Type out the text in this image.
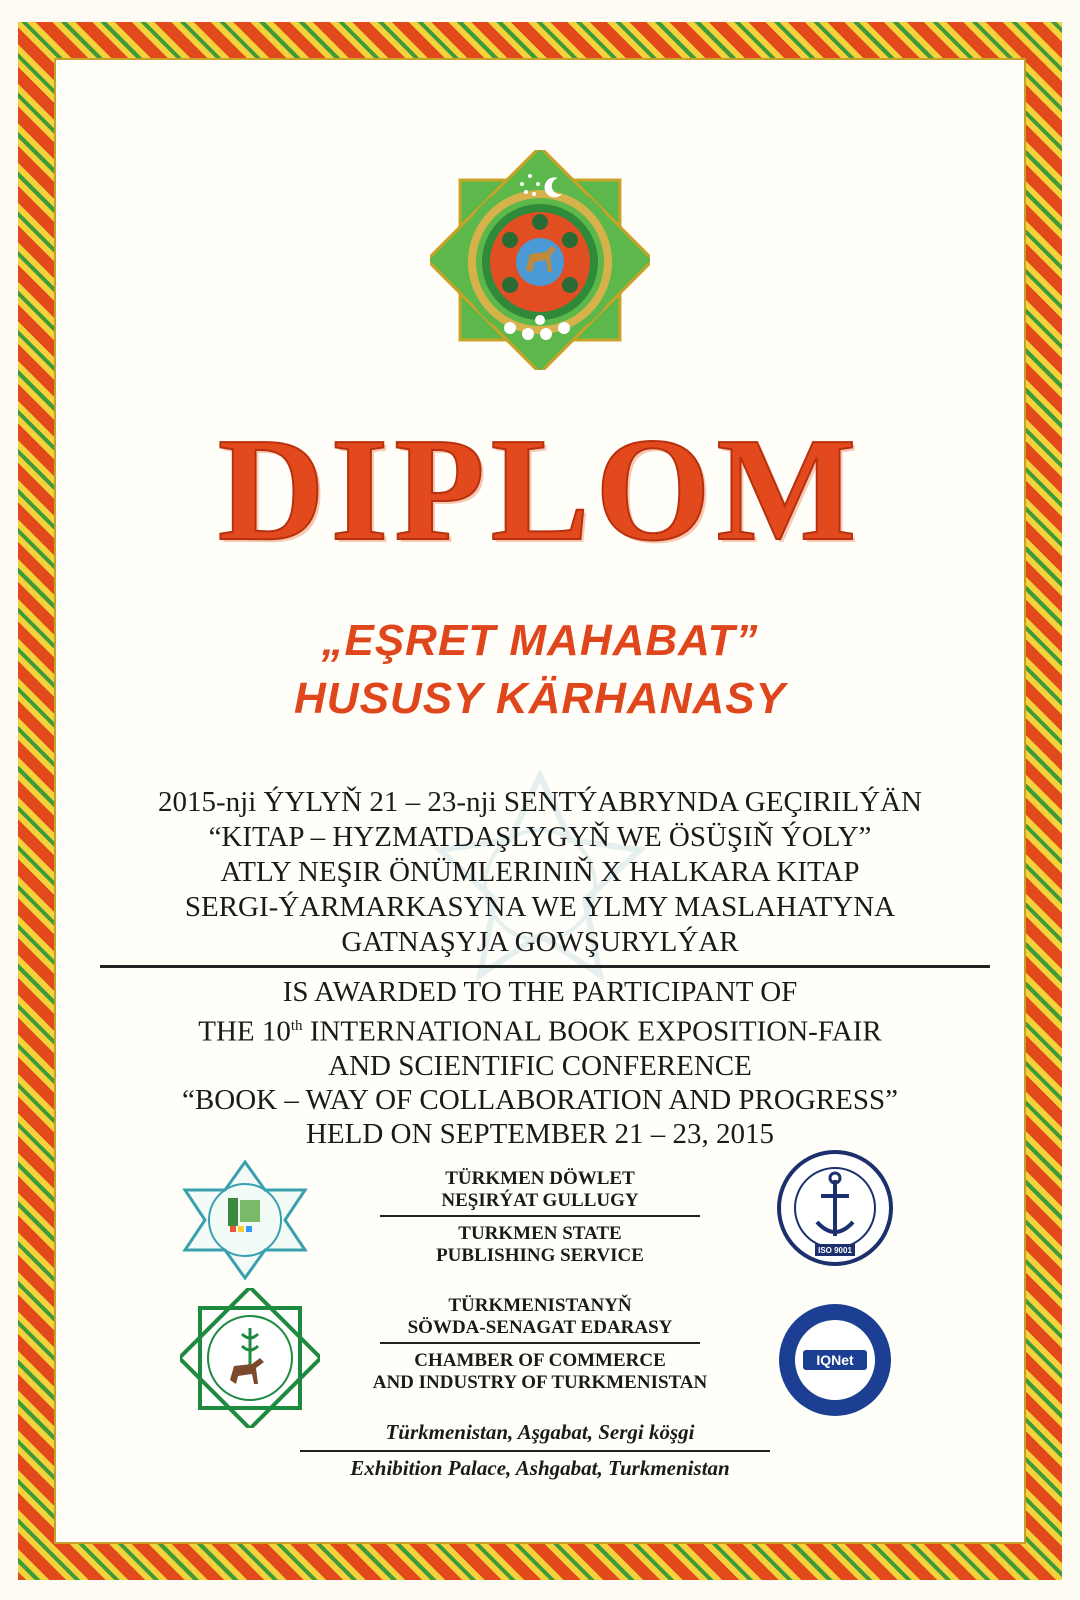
DIPLOM
„EŞRET MAHABAT”
HUSUSY KÄRHANASY
2015-nji ÝYLYŇ 21 – 23-nji SENTÝABRYNDA GEÇIRILÝÄN
“KITAP – HYZMATDAŞLYGYŇ WE ÖSÜŞIŇ ÝOLY”
ATLY NEŞIR ÖNÜMLERINIŇ X HALKARA KITAP
SERGI-ÝARMARKASYNA WE YLMY MASLAHATYNA
GATNAŞYJA GOWŞURYLÝAR
IS AWARDED TO THE PARTICIPANT OF
THE 10th INTERNATIONAL BOOK EXPOSITION-FAIR
AND SCIENTIFIC CONFERENCE
“BOOK – WAY OF COLLABORATION AND PROGRESS”
HELD ON SEPTEMBER 21 – 23, 2015
TÜRKMEN DÖWLET
NEŞIRÝAT GULLUGY
TURKMEN STATE
PUBLISHING SERVICE	ISO 9001
TÜRKMENISTANYŇ
SÖWDA-SENAGAT EDARASY
CHAMBER OF COMMERCE
AND INDUSTRY OF TURKMENISTAN
IQNet
Türkmenistan, Aşgabat, Sergi köşgi
Exhibition Palace, Ashgabat, Turkmenistan
